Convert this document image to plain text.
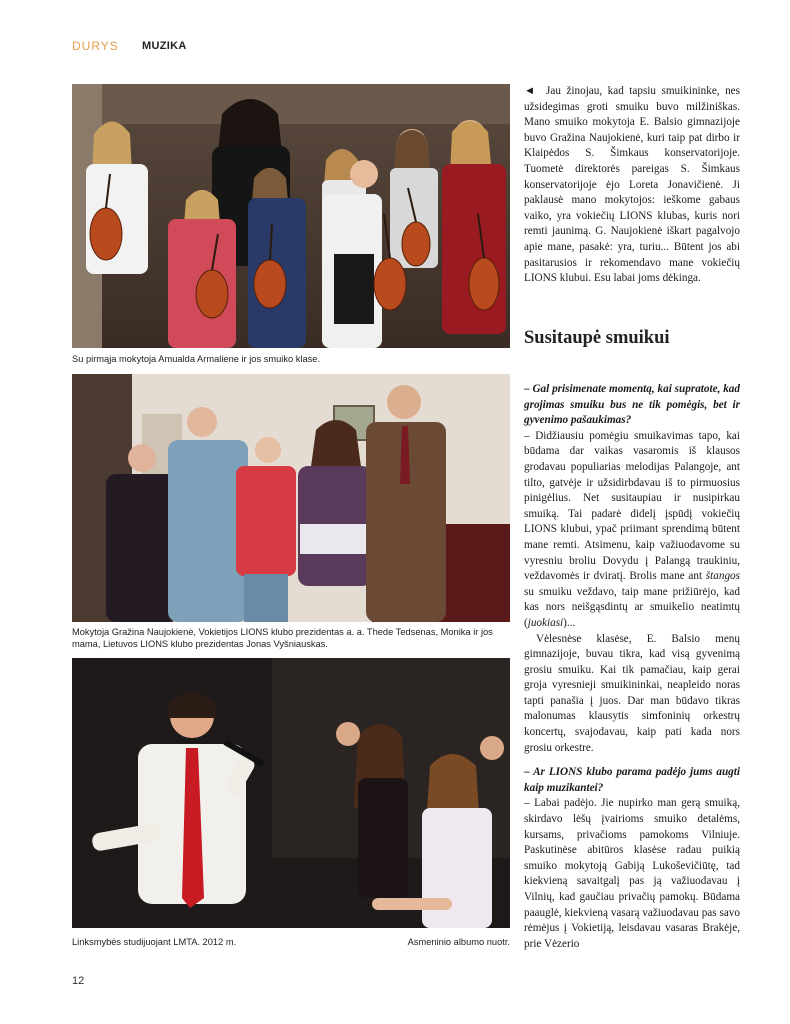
DURYS	MUZIKA
Su pirmąja mokytoja Amualda Armaliene ir jos smuiko klase.
Mokytoja Gražina Naujokienė, Vokietijos LIONS klubo prezidentas a. a. Thede Tedsenas, Monika ir jos mama, Lietuvos LIONS klubo prezidentas Jonas Vyšniauskas.
Linksmybės studijuojant LMTA. 2012 m.	Asmeninio albumo nuotr.

◄ Jau žinojau, kad tapsiu smuikininke, nes užsidegimas groti smuiku buvo milžiniškas. Mano smuiko mokytoja E. Balsio gimnazijoje buvo Gražina Naujokienė, kuri taip pat dirbo ir Klaipėdos S. Šimkaus konservatorijoje. Tuometė direktorės pareigas S. Šimkaus konservatorijoje ėjo Loreta Jonavičienė. Ji paklausė mano mokytojos: ieškome gabaus vaiko, yra vokiečių LIONS klubas, kuris nori remti jaunimą. G. Naujokienė iškart pagalvojo apie mane, pasakė: yra, turiu... Būtent jos abi pasitarusios ir rekomendavo mane vokiečių LIONS klubui. Esu labai joms dėkinga.

Susitaupė smuikui

– Gal prisimenate momentą, kai supratote, kad grojimas smuiku bus ne tik pomėgis, bet ir gyvenimo pašaukimas?

– Didžiausiu pomėgiu smuikavimas tapo, kai būdama dar vaikas vasaromis iš klausos grodavau populiarias melodijas Palangoje, ant tilto, gatvėje ir užsidirbdavau iš to pirmuosius pinigėlius. Net susitaupiau ir nusipirkau smuiką. Tai padarė didelį įspūdį vokiečių LIONS klubui, ypač priimant sprendimą būtent mane remti. Atsimenu, kaip važiuodavome su vyresniu broliu Dovydu į Palangą traukiniu, veždavomės ir dviratį. Brolis mane ant štangos su smuiku veždavo, taip mane prižiūrėjo, kad kas nors neišgąsdintų ar smuikelio neatimtų (juokiasi)...

Vėlesnėse klasėse, E. Balsio menų gimnazijoje, buvau tikra, kad visą gyvenimą grosiu smuiku. Kai tik pamačiau, kaip gerai groja vyresnieji smuikininkai, neapleido noras tapti panašia į juos. Dar man būdavo tikras malonumas klausytis simfoninių orkestrų koncertų, svajodavau, kaip pati kada nors grosiu orkestre.

– Ar LIONS klubo parama padėjo jums augti kaip muzikantei?

– Labai padėjo. Jie nupirko man gerą smuiką, skirdavo lėšų įvairioms smuiko detalėms, kursams, privačioms pamokoms Vilniuje. Paskutinėse abitūros klasėse radau puikią smuiko mokytoją Gabiją Lukoševičiūtę, tad kiekvieną savaitgalį pas ją važiuodavau į Vilnių, kad gaučiau privačių pamokų. Būdama paauglė, kiekvieną vasarą važiuodavau pas savo rėmėjus į Vokietiją, leisdavau vasaras Brakėje, prie Vėzerio

12
